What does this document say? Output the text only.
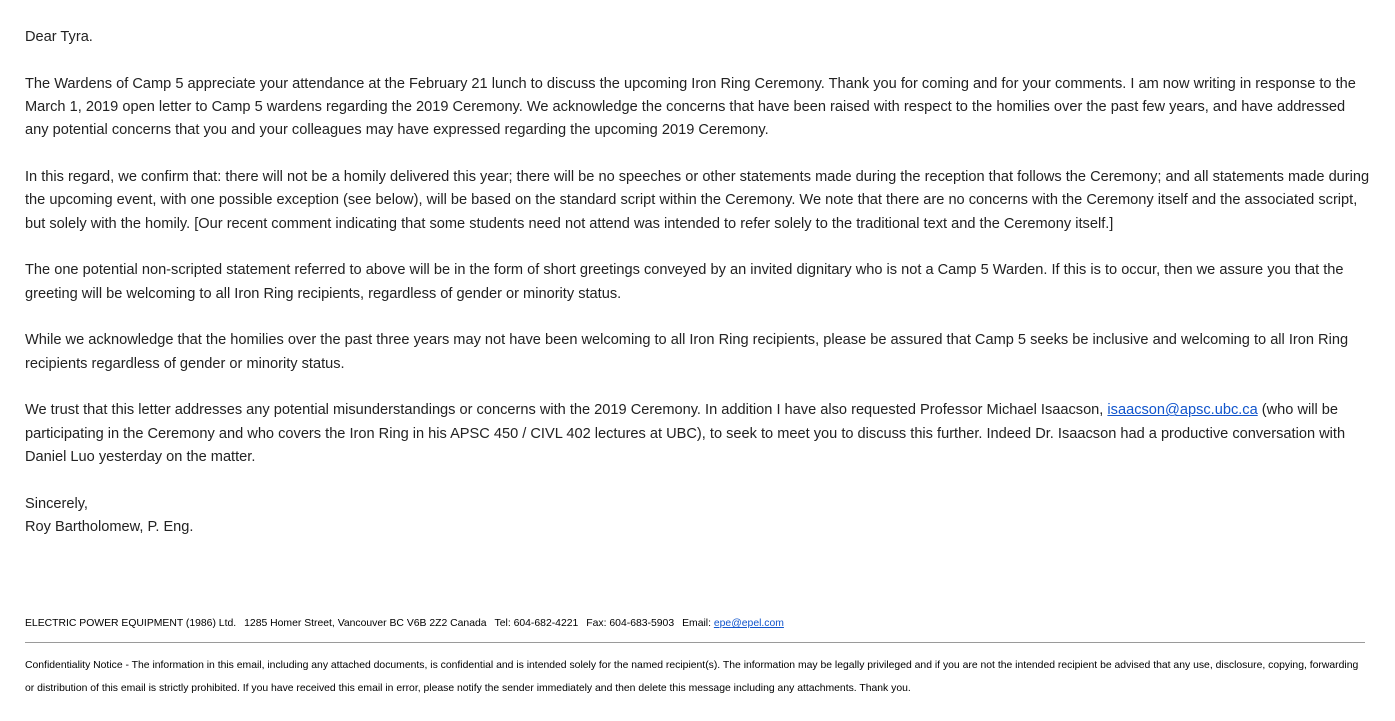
Dear Tyra.

The Wardens of Camp 5 appreciate your attendance at the February 21 lunch to discuss the upcoming Iron Ring Ceremony. Thank you for coming and for your comments. I am now writing in response to the March 1, 2019 open letter to Camp 5 wardens regarding the 2019 Ceremony. We acknowledge the concerns that have been raised with respect to the homilies over the past few years, and have addressed any potential concerns that you and your colleagues may have expressed regarding the upcoming 2019 Ceremony.

In this regard, we confirm that: there will not be a homily delivered this year; there will be no speeches or other statements made during the reception that follows the Ceremony; and all statements made during the upcoming event, with one possible exception (see below), will be based on the standard script within the Ceremony. We note that there are no concerns with the Ceremony itself and the associated script, but solely with the homily. [Our recent comment indicating that some students need not attend was intended to refer solely to the traditional text and the Ceremony itself.]

The one potential non-scripted statement referred to above will be in the form of short greetings conveyed by an invited dignitary who is not a Camp 5 Warden. If this is to occur, then we assure you that the greeting will be welcoming to all Iron Ring recipients, regardless of gender or minority status.

While we acknowledge that the homilies over the past three years may not have been welcoming to all Iron Ring recipients, please be assured that Camp 5 seeks be inclusive and welcoming to all Iron Ring recipients regardless of gender or minority status.

We trust that this letter addresses any potential misunderstandings or concerns with the 2019 Ceremony. In addition I have also requested Professor Michael Isaacson, isaacson@apsc.ubc.ca (who will be participating in the Ceremony and who covers the Iron Ring in his APSC 450 / CIVL 402 lectures at UBC), to seek to meet you to discuss this further. Indeed Dr. Isaacson had a productive conversation with Daniel Luo yesterday on the matter.

Sincerely,

Roy Bartholomew, P. Eng.

ELECTRIC POWER EQUIPMENT (1986) Ltd. 1285 Homer Street, Vancouver BC V6B 2Z2 Canada Tel: 604-682-4221 Fax: 604-683-5903 Email: epe@epel.com
Confidentiality Notice - The information in this email, including any attached documents, is confidential and is intended solely for the named recipient(s). The information may be legally privileged and if you are not the intended recipient be advised that any use, disclosure, copying, forwarding or distribution of this email is strictly prohibited. If you have received this email in error, please notify the sender immediately and then delete this message including any attachments. Thank you.
